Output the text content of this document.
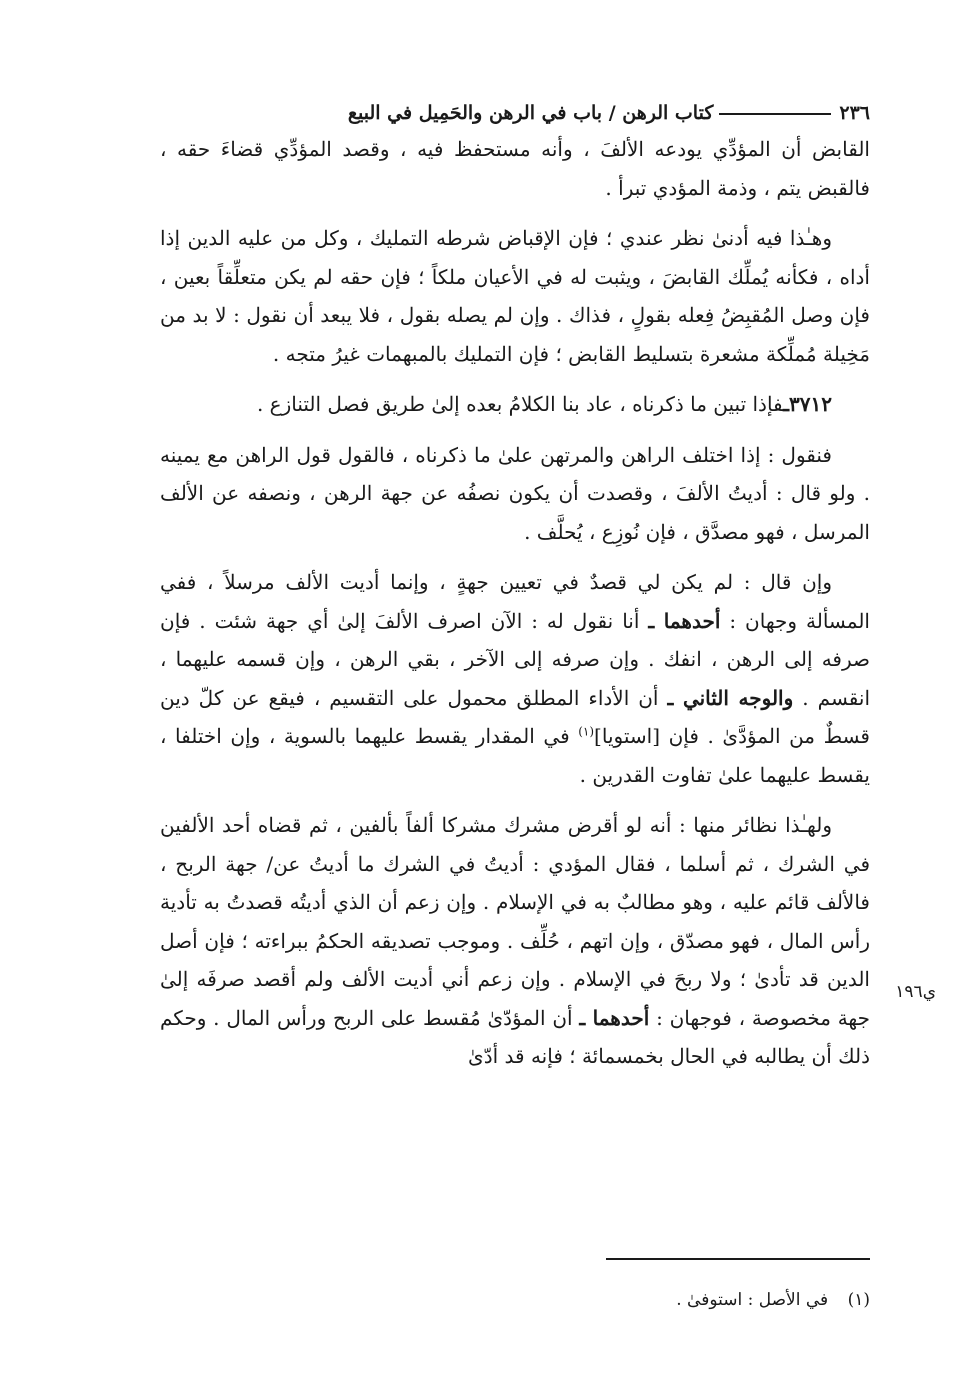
٢٣٦
كتاب الرهن / باب في الرهن والحَمِيل في البيع

القابض أن المؤدِّي يودعه الألفَ ، وأنه مستحفظ فيه ، وقصد المؤدِّي قضاءَ حقه ، فالقبض يتم ، وذمة المؤدي تبرأ .

وهـٰذا فيه أدنىٰ نظر عندي ؛ فإن الإقباض شرطه التمليك ، وكل من عليه الدين إذا أداه ، فكأنه يُملِّك القابضَ ، ويثبت له في الأعيان ملكاً ؛ فإن حقه لم يكن متعلِّقاً بعين ، فإن وصل المُقبِضُ فِعله بقولٍ ، فذاك . وإن لم يصله بقول ، فلا يبعد أن نقول : لا بد من مَخِيلة مُملِّكة مشعرة بتسليط القابض ؛ فإن التمليك بالمبهمات غيرُ متجه .

٣٧١٢ـفإذا تبين ما ذكرناه ، عاد بنا الكلامُ بعده إلىٰ طريق فصل التنازع .

فنقول : إذا اختلف الراهن والمرتهن علىٰ ما ذكرناه ، فالقول قول الراهن مع يمينه . ولو قال : أديتُ الألفَ ، وقصدت أن يكون نصفُه عن جهة الرهن ، ونصفه عن الألف المرسل ، فهو مصدَّق ، فإن نُوزِع ، يُحلَّف .

وإن قال : لم يكن لي قصدٌ في تعيين جهةٍ ، وإنما أديت الألف مرسلاً ، ففي المسألة وجهان : أحدهما ـ أنا نقول له : الآن اصرف الألفَ إلىٰ أي جهة شئت . فإن صرفه إلى الرهن ، انفك . وإن صرفه إلى الآخر ، بقي الرهن ، وإن قسمه عليهما ، انقسم . والوجه الثاني ـ أن الأداء المطلق محمول على التقسيم ، فيقع عن كلّ دين قسطٌ من المؤدَّىٰ . فإن [استويا]$^{(١)}$ في المقدار يقسط عليهما بالسوية ، وإن اختلفا ، يقسط عليهما علىٰ تفاوت القدرين .

ولهـٰذا نظائر منها : أنه لو أقرض مشرك مشركا ألفاً بألفين ، ثم قضاه أحد الألفين في الشرك ، ثم أسلما ، فقال المؤدي : أديتُ في الشرك ما أديتُ عن/ جهة الربح ، فالألف قائم عليه ، وهو مطالبٌ به في الإسلام . وإن زعم أن الذي أديتُه قصدتُ به تأدية رأس المال ، فهو مصدّق ، وإن اتهم ، حُلِّف . وموجب تصديقه الحكمُ ببراءته ؛ فإن أصل الدين قد تأدىٰ ؛ ولا ربحَ في الإسلام . وإن زعم أني أديت الألف ولم أقصد صرفَه إلىٰ جهة مخصوصة ، فوجهان : أحدهما ـ أن المؤدّىٰ مُقسط على الربح ورأس المال . وحكم ذلك أن يطالبه في الحال بخمسمائة ؛ فإنه قد أدّىٰ

ي١٩٦
(١) في الأصل : استوفىٰ .
